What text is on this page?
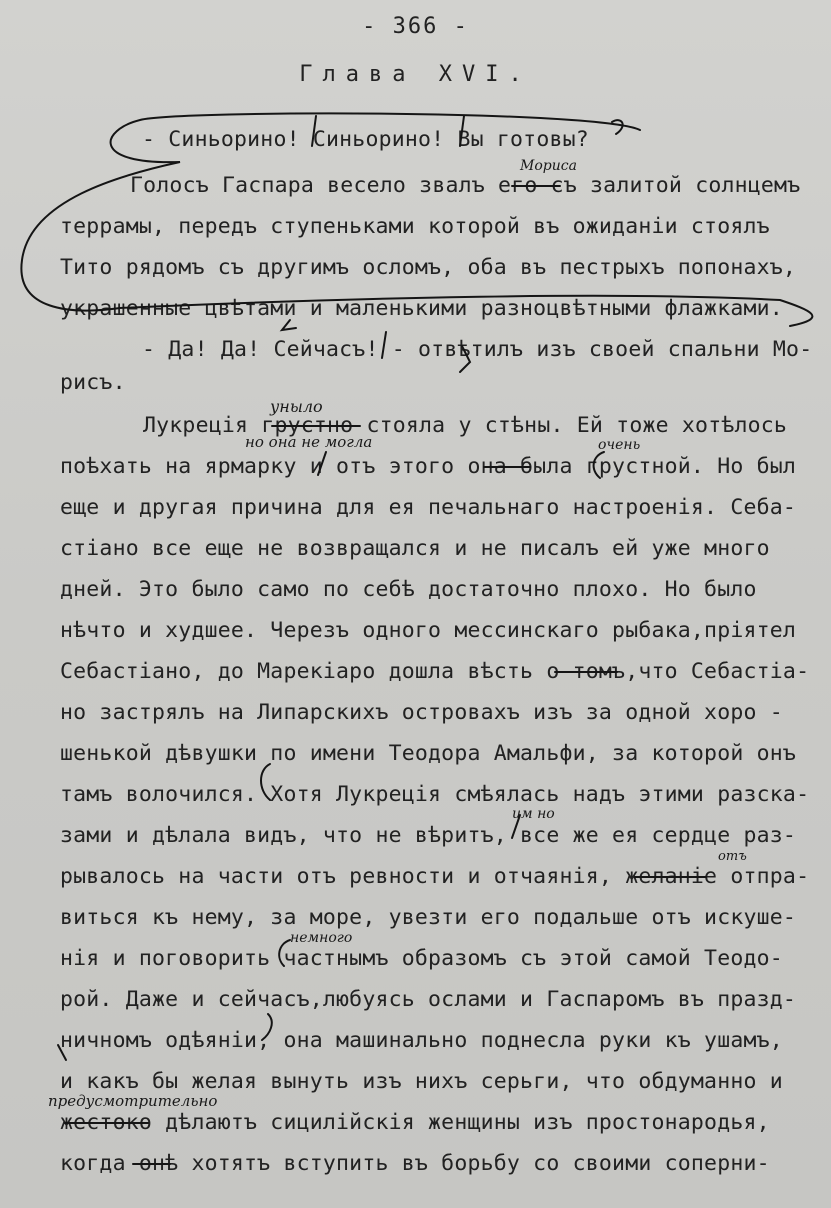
- 366 -
Глава XVI.
- Синьорино! Синьорино! Вы готовы?
Голосъ Гаспара весело звалъ его съ залитой солнцемъ
террамы, передъ ступеньками которой въ ожиданіи стоялъ
Тито рядомъ съ другимъ осломъ, оба въ пестрыхъ попонахъ,
украшенные цвѣтами и маленькими разноцвѣтными флажками.
- Да! Да! Сейчасъ! - отвѣтилъ изъ своей спальни Мо-
рисъ.
Лукреція грустно стояла у стѣны. Ей тоже хотѣлось
поѣхать на ярмарку и отъ этого она была грустной. Но был
еще и другая причина для ея печальнаго настроенія. Себа-
стіано все еще не возвращался и не писалъ ей уже много
дней. Это было само по себѣ достаточно плохо. Но было
нѣчто и худшее. Черезъ одного мессинскаго рыбака,пріятел
Себастіано, до Марекіаро дошла вѣсть о томъ,что Себастіа-
но застрялъ на Липарскихъ островахъ изъ за одной хоро -
шенькой дѣвушки по имени Теодора Амальфи, за которой онъ
тамъ волочился. Хотя Лукреція смѣялась надъ этими разска-
зами и дѣлала видъ, что не вѣритъ, все же ея сердце раз-
рывалось на части отъ ревности и отчаянія, желаніе отпра-
виться къ нему, за море, увезти его подальше отъ искуше-
нія и поговорить частнымъ образомъ съ этой самой Теодо-
рой. Даже и сейчасъ,любуясь ослами и Гаспаромъ въ празд-
ничномъ одѣяніи, она машинально поднесла руки къ ушамъ,
и какъ бы желая вынуть изъ нихъ серьги, что обдуманно и
жестоко дѣлаютъ сицилійскія женщины изъ простонародья,
когда онѣ хотятъ вступить въ борьбу со своими соперни-
Мориса
уныло
но она не могла	очень
им но
отъ
немного
предусмотрительно
